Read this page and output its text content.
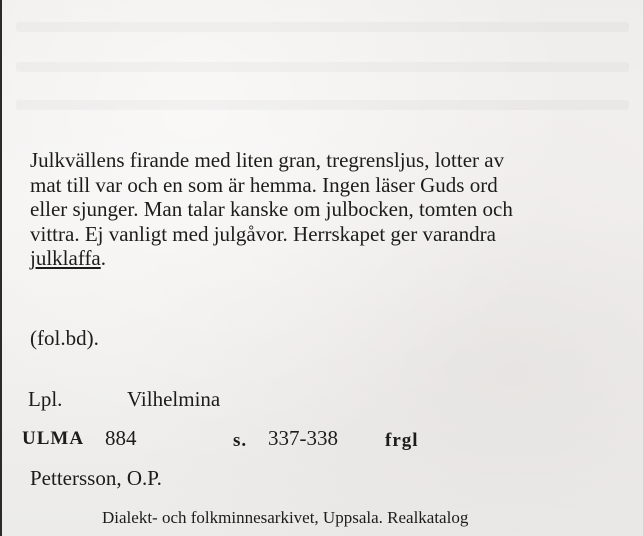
Julkvällens firande med liten gran, tregrensljus, lotter av
mat till var och en som är hemma. Ingen läser Guds ord
eller sjunger. Man talar kanske om julbocken, tomten och
vittra. Ej vanligt med julgåvor. Herrskapet ger varandra
julklaffa.

(fol.bd).
Lpl.	Vilhelmina
ULMA 884	s. 337-338 frgl
Pettersson, O.P.
Dialekt- och folkminnesarkivet, Uppsala. Realkatalog
